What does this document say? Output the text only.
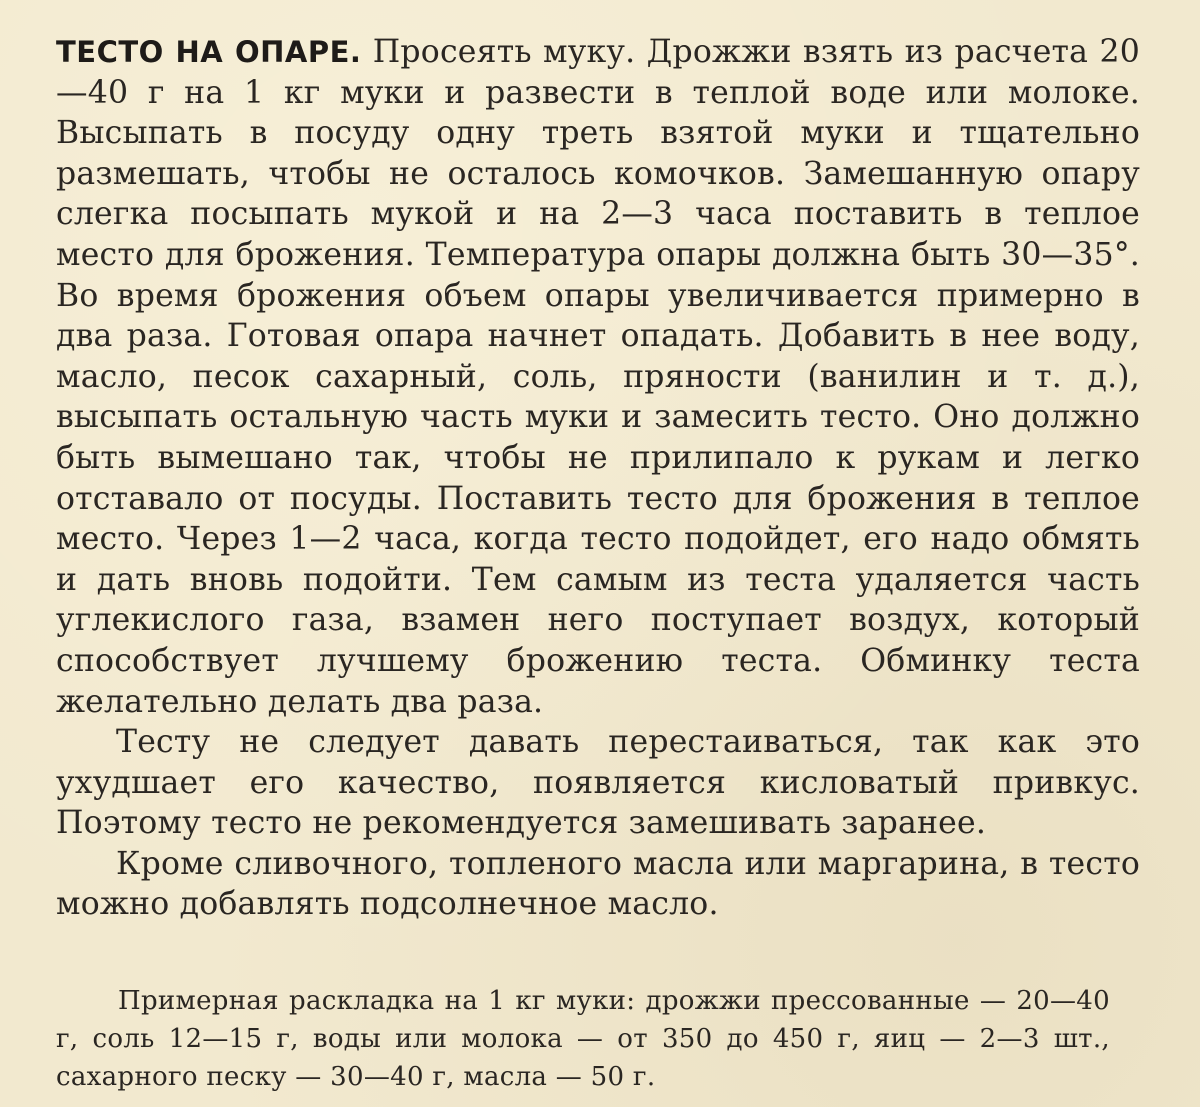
ТЕСТО НА ОПАРЕ. Просеять муку. Дрожжи взять из расчета 20—40 г на 1 кг муки и развести в теплой воде или молоке. Высыпать в посуду одну треть взятой муки и тщательно размешать, чтобы не осталось комочков. Замешанную опару слегка посыпать мукой и на 2—3 часа поставить в теплое место для брожения. Температура опары должна быть 30—35°. Во время брожения объем опары увеличивается примерно в два раза. Готовая опара начнет опадать. Добавить в нее воду, масло, песок сахарный, соль, пряности (ванилин и т. д.), высыпать остальную часть муки и замесить тесто. Оно должно быть вымешано так, чтобы не прилипало к рукам и легко отставало от посуды. Поставить тесто для брожения в теплое место. Через 1—2 часа, когда тесто подойдет, его надо обмять и дать вновь подойти. Тем самым из теста удаляется часть углекислого газа, взамен него поступает воздух, который способствует лучшему брожению теста. Обминку теста желательно делать два раза.

Тесту не следует давать перестаиваться, так как это ухудшает его качество, появляется кисловатый привкус. Поэтому тесто не рекомендуется замешивать заранее.

Кроме сливочного, топленого масла или маргарина, в тесто можно добавлять подсолнечное масло.

Примерная раскладка на 1 кг муки: дрожжи прессованные — 20—40 г, соль 12—15 г, воды или молока — от 350 до 450 г, яиц — 2—3 шт., сахарного песку — 30—40 г, масла — 50 г.
